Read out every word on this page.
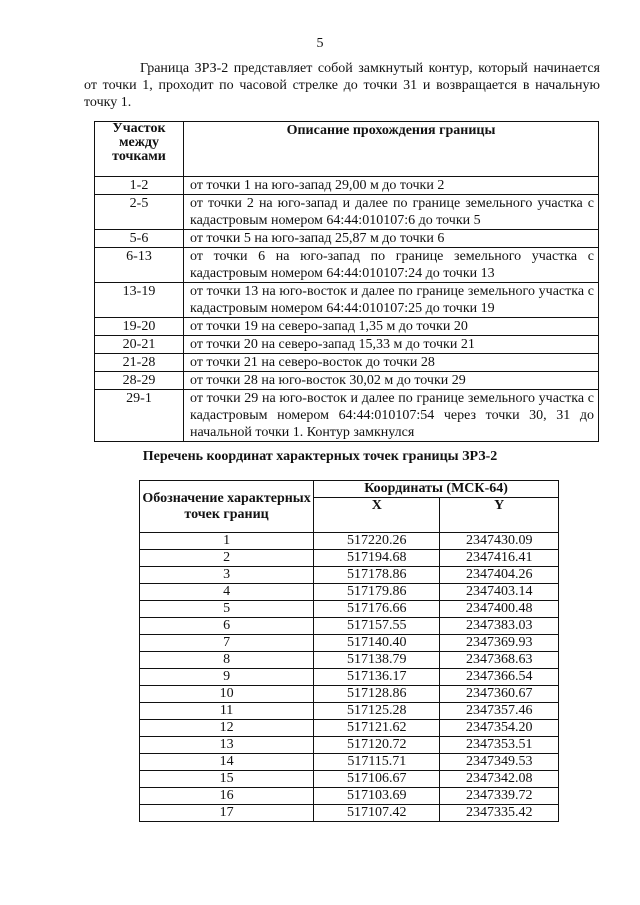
5
Граница ЗРЗ-2 представляет собой замкнутый контур, который начинается от точки 1, проходит по часовой стрелке до точки 31 и возвращается в начальную точку 1.
Участок между точками	Описание прохождения границы
1-2	от точки 1 на юго-запад 29,00 м до точки 2
2-5	от точки 2 на юго-запад и далее по границе земельного участка с кадастровым номером 64:44:010107:6 до точки 5
5-6	от точки 5 на юго-запад 25,87 м до точки 6
6-13	от точки 6 на юго-запад по границе земельного участка с кадастровым номером 64:44:010107:24 до точки 13
13-19	от точки 13 на юго-восток и далее по границе земельного участка с кадастровым номером 64:44:010107:25 до точки 19
19-20	от точки 19 на северо-запад 1,35 м до точки 20
20-21	от точки 20 на северо-запад 15,33 м до точки 21
21-28	от точки 21 на северо-восток до точки 28
28-29	от точки 28 на юго-восток 30,02 м до точки 29
29-1	от точки 29 на юго-восток и далее по границе земельного участка с кадастровым номером 64:44:010107:54 через точки 30, 31 до начальной точки 1. Контур замкнулся
Перечень координат характерных точек границы ЗРЗ-2
Обозначение характерных точек границ	Координаты (МСК-64)	
	X	Y
1	517220.26	2347430.09
2	517194.68	2347416.41
3	517178.86	2347404.26
4	517179.86	2347403.14
5	517176.66	2347400.48
6	517157.55	2347383.03
7	517140.40	2347369.93
8	517138.79	2347368.63
9	517136.17	2347366.54
10	517128.86	2347360.67
11	517125.28	2347357.46
12	517121.62	2347354.20
13	517120.72	2347353.51
14	517115.71	2347349.53
15	517106.67	2347342.08
16	517103.69	2347339.72
17	517107.42	2347335.42
